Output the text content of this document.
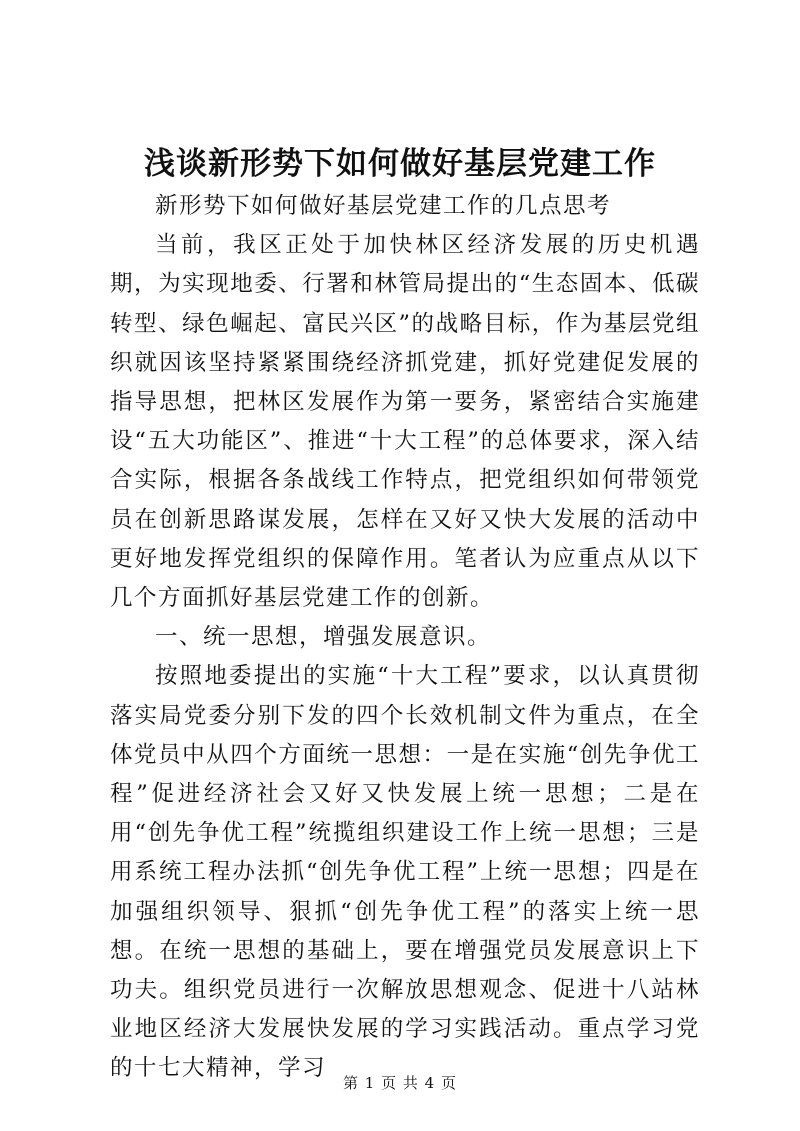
浅谈新形势下如何做好基层党建工作

新形势下如何做好基层党建工作的几点思考

当前，我区正处于加快林区经济发展的历史机遇期，为实现地委、行署和林管局提出的“生态固本、低碳转型、绿色崛起、富民兴区”的战略目标，作为基层党组织就因该坚持紧紧围绕经济抓党建，抓好党建促发展的指导思想，把林区发展作为第一要务，紧密结合实施建设“五大功能区”、推进“十大工程”的总体要求，深入结合实际，根据各条战线工作特点，把党组织如何带领党员在创新思路谋发展，怎样在又好又快大发展的活动中更好地发挥党组织的保障作用。笔者认为应重点从以下几个方面抓好基层党建工作的创新。

一、统一思想，增强发展意识。

按照地委提出的实施“十大工程”要求，以认真贯彻落实局党委分别下发的四个长效机制文件为重点，在全体党员中从四个方面统一思想：一是在实施“创先争优工程”促进经济社会又好又快发展上统一思想；二是在用“创先争优工程”统揽组织建设工作上统一思想；三是用系统工程办法抓“创先争优工程”上统一思想；四是在加强组织领导、狠抓“创先争优工程”的落实上统一思想。在统一思想的基础上，要在增强党员发展意识上下功夫。组织党员进行一次解放思想观念、促进十八站林业地区经济大发展快发展的学习实践活动。重点学习党的十七大精神，学习

第 1 页 共 4 页
